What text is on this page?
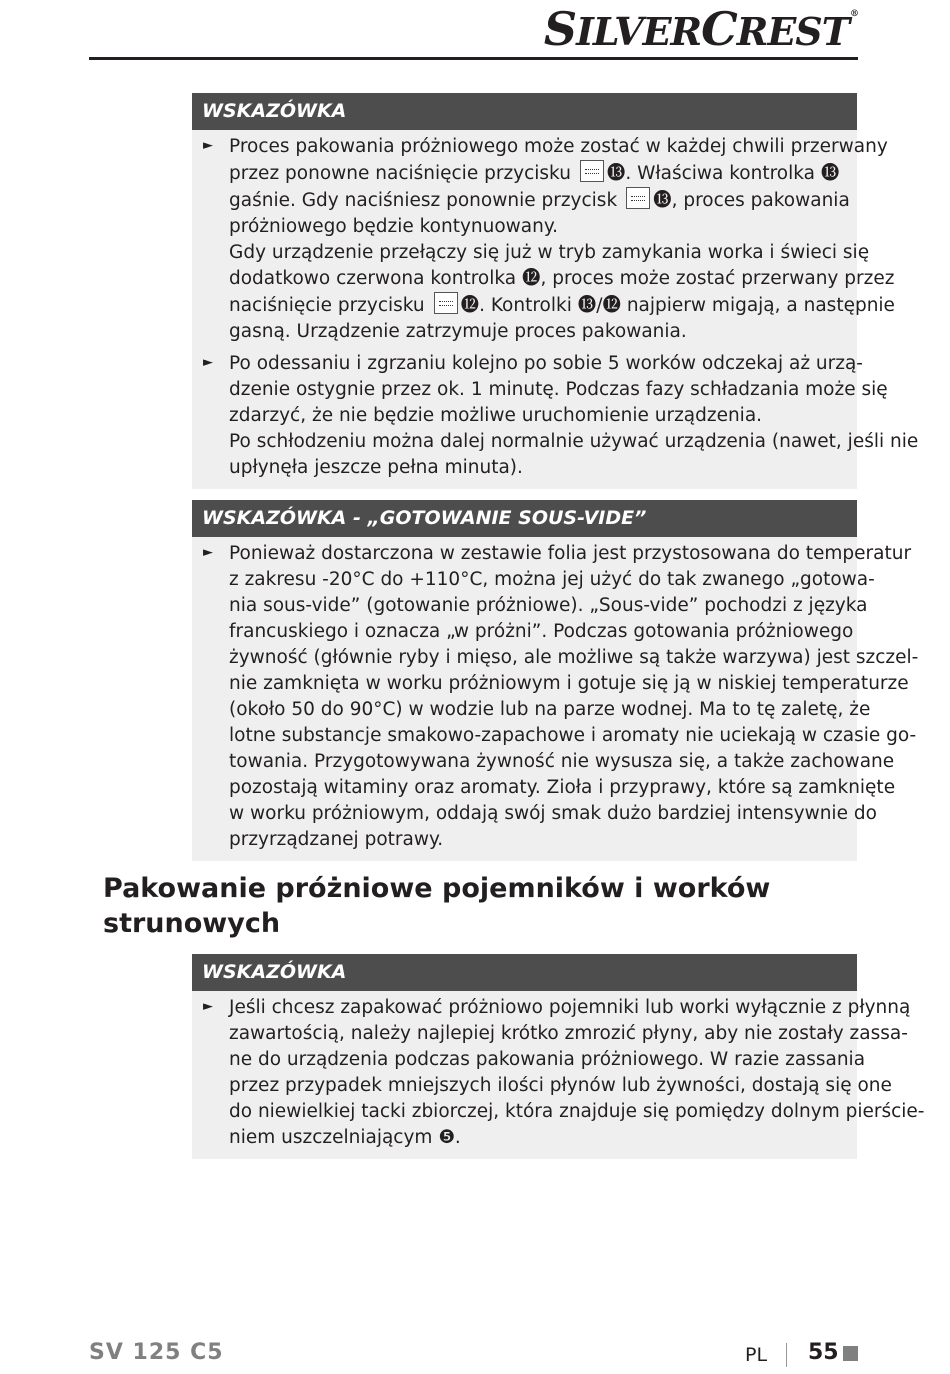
SILVERCREST®
WSKAZÓWKA
► Proces pakowania próżniowego może zostać w każdej chwili przerwany
przez ponowne naciśnięcie przycisku ⓭. Właściwa kontrolka ⓭
gaśnie. Gdy naciśniesz ponownie przycisk ⓭, proces pakowania
próżniowego będzie kontynuowany.
Gdy urządzenie przełączy się już w tryb zamykania worka i świeci się
dodatkowo czerwona kontrolka ⓬, proces może zostać przerwany przez
naciśnięcie przycisku ⓬. Kontrolki ⓭/⓬ najpierw migają, a następnie
gasną. Urządzenie zatrzymuje proces pakowania.
► Po odessaniu i zgrzaniu kolejno po sobie 5 worków odczekaj aż urzą-
dzenie ostygnie przez ok. 1 minutę. Podczas fazy schładzania może się
zdarzyć, że nie będzie możliwe uruchomienie urządzenia.
Po schłodzeniu można dalej normalnie używać urządzenia (nawet, jeśli nie
upłynęła jeszcze pełna minuta).
WSKAZÓWKA - „GOTOWANIE SOUS-VIDE”
► Ponieważ dostarczona w zestawie folia jest przystosowana do temperatur
z zakresu -20°C do +110°C, można jej użyć do tak zwanego „gotowa-
nia sous-vide” (gotowanie próżniowe). „Sous-vide” pochodzi z języka
francuskiego i oznacza „w próżni”. Podczas gotowania próżniowego
żywność (głównie ryby i mięso, ale możliwe są także warzywa) jest szczel-
nie zamknięta w worku próżniowym i gotuje się ją w niskiej temperaturze
(około 50 do 90°C) w wodzie lub na parze wodnej. Ma to tę zaletę, że
lotne substancje smakowo-zapachowe i aromaty nie uciekają w czasie go-
towania. Przygotowywana żywność nie wysusza się, a także zachowane
pozostają witaminy oraz aromaty. Zioła i przyprawy, które są zamknięte
w worku próżniowym, oddają swój smak dużo bardziej intensywnie do
przyrządzanej potrawy.
Pakowanie próżniowe pojemników i worków
strunowych
WSKAZÓWKA
► Jeśli chcesz zapakować próżniowo pojemniki lub worki wyłącznie z płynną
zawartością, należy najlepiej krótko zmrozić płyny, aby nie zostały zassa-
ne do urządzenia podczas pakowania próżniowego. W razie zassania
przez przypadek mniejszych ilości płynów lub żywności, dostają się one
do niewielkiej tacki zbiorczej, która znajduje się pomiędzy dolnym pierście-
niem uszczelniającym ❺.
SV 125 C5	PL 55
